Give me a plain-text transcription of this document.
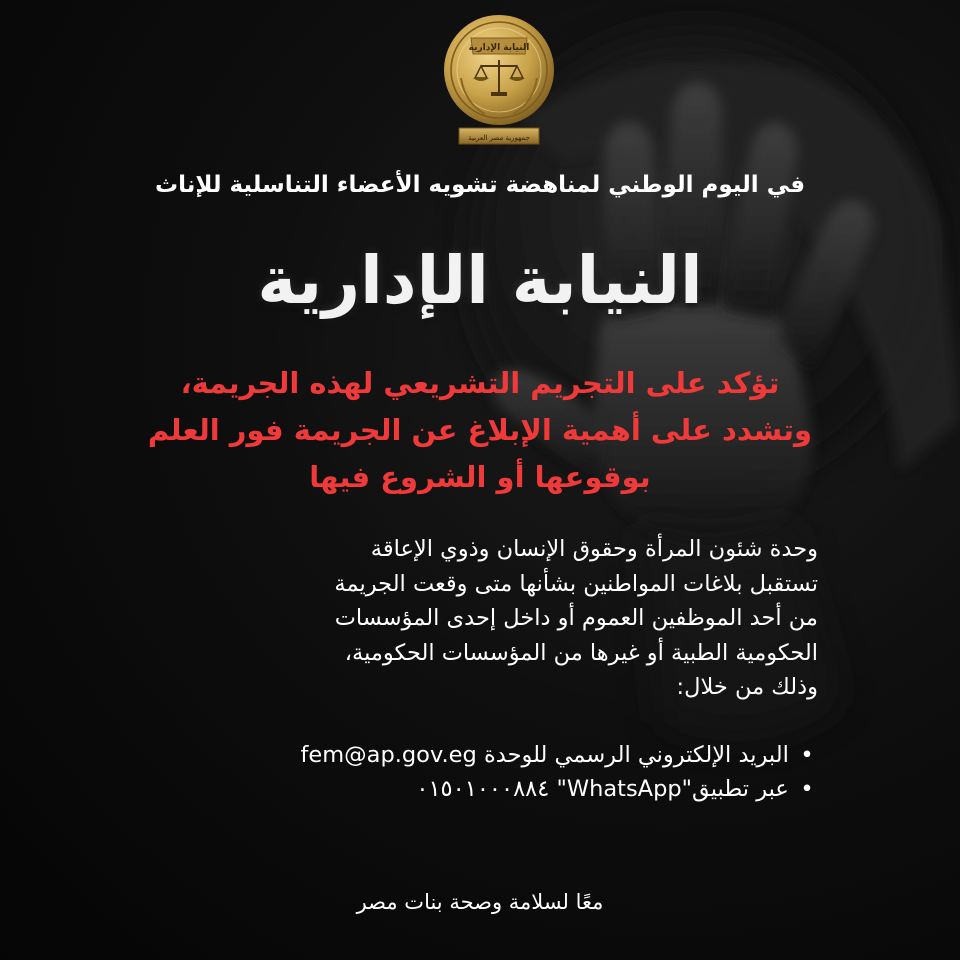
النيابة الإدارية
جمهورية مصر العربية

في اليوم الوطني لمناهضة تشويه الأعضاء التناسلية للإناث

النيابة الإدارية

تؤكد على التجريم التشريعي لهذه الجريمة،
وتشدد على أهمية الإبلاغ عن الجريمة فور العلم
بوقوعها أو الشروع فيها

وحدة شئون المرأة وحقوق الإنسان وذوي الإعاقة
تستقبل بلاغات المواطنين بشأنها متى وقعت الجريمة
من أحد الموظفين العموم أو داخل إحدى المؤسسات
الحكومية الطبية أو غيرها من المؤسسات الحكومية،
وذلك من خلال:

• البريد الإلكتروني الرسمي للوحدة fem@ap.gov.eg
• عبر تطبيق"WhatsApp" ٠١٥٠١٠٠٠٨٨٤

معًا لسلامة وصحة بنات مصر
